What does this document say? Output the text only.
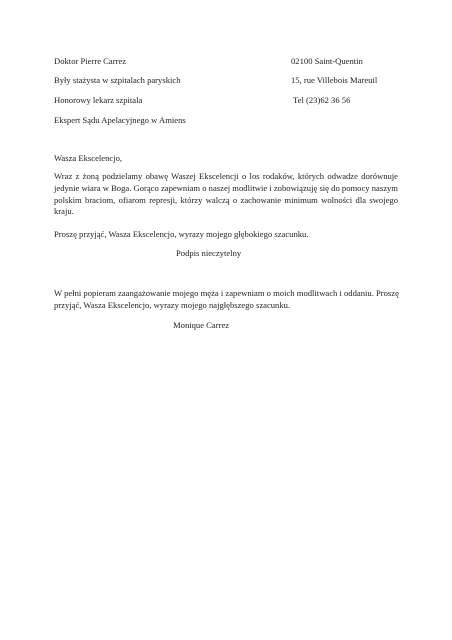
Doktor Pierre Carrez
Były stażysta w szpitalach paryskich
Honorowy lekarz szpitala
Ekspert Sądu Apelacyjnego w Amiens
02100 Saint-Quentin
15, rue Villebois Mareuil
Tel (23)62 36 56
Wasza Ekscelencjo,
Wraz z żoną podzielamy obawę Waszej Ekscelencji o los rodaków, których odwadze dorównuje jedynie wiara w Boga. Gorąco zapewniam o naszej modlitwie i zobowiązuję się do pomocy naszym polskim braciom, ofiarom represji, którzy walczą o zachowanie minimum wolności dla swojego kraju.
Proszę przyjąć, Wasza Ekscelencjo, wyrazy mojego głębokiego szacunku.
Podpis nieczytelny
W pełni popieram zaangażowanie mojego męża i zapewniam o moich modlitwach i oddaniu. Proszę przyjąć, Wasza Ekscelencjo, wyrazy mojego najgłębszego szacunku.
Monique Carrez
